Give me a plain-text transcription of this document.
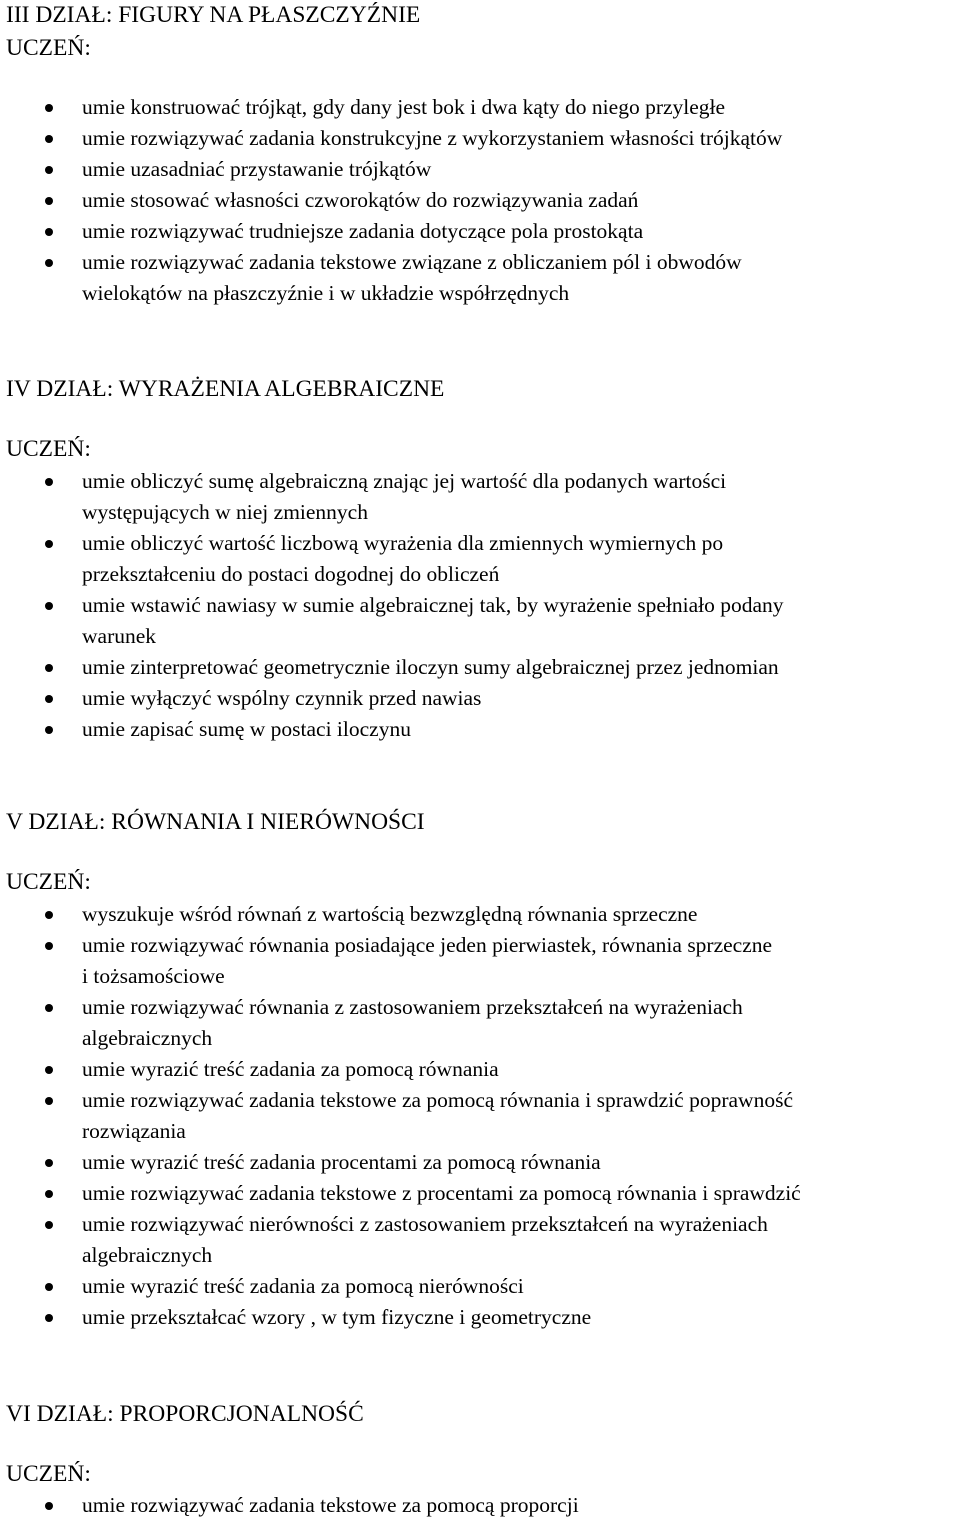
III DZIAŁ: FIGURY NA PŁASZCZYŹNIE
UCZEŃ:
umie konstruować trójkąt, gdy dany jest bok i dwa kąty do niego przyległe
umie rozwiązywać zadania konstrukcyjne z wykorzystaniem własności trójkątów
umie uzasadniać przystawanie trójkątów
umie stosować własności czworokątów do rozwiązywania zadań
umie rozwiązywać trudniejsze zadania dotyczące pola prostokąta
umie rozwiązywać zadania tekstowe związane z obliczaniem pól i obwodów
wielokątów na płaszczyźnie i w układzie współrzędnych
IV DZIAŁ: WYRAŻENIA ALGEBRAICZNE
UCZEŃ:
umie obliczyć sumę algebraiczną znając jej wartość dla podanych wartości
występujących w niej zmiennych
umie obliczyć wartość liczbową wyrażenia dla zmiennych wymiernych po
przekształceniu do postaci dogodnej do obliczeń
umie wstawić nawiasy w sumie algebraicznej tak, by wyrażenie spełniało podany
warunek
umie zinterpretować geometrycznie iloczyn sumy algebraicznej przez jednomian
umie wyłączyć wspólny czynnik przed nawias
umie zapisać sumę w postaci iloczynu
V DZIAŁ: RÓWNANIA I NIERÓWNOŚCI
UCZEŃ:
wyszukuje wśród równań z wartością bezwzględną równania sprzeczne
umie rozwiązywać równania posiadające jeden pierwiastek, równania sprzeczne
i tożsamościowe
umie rozwiązywać równania z zastosowaniem przekształceń na wyrażeniach
algebraicznych
umie wyrazić treść zadania za pomocą równania
umie rozwiązywać zadania tekstowe za pomocą równania i sprawdzić poprawność
rozwiązania
umie wyrazić treść zadania procentami za pomocą równania
umie rozwiązywać zadania tekstowe z procentami za pomocą równania i sprawdzić
umie rozwiązywać nierówności z zastosowaniem przekształceń na wyrażeniach
algebraicznych
umie wyrazić treść zadania za pomocą nierówności
umie przekształcać wzory , w tym fizyczne i geometryczne
VI DZIAŁ: PROPORCJONALNOŚĆ
UCZEŃ:
umie rozwiązywać zadania tekstowe za pomocą proporcji
